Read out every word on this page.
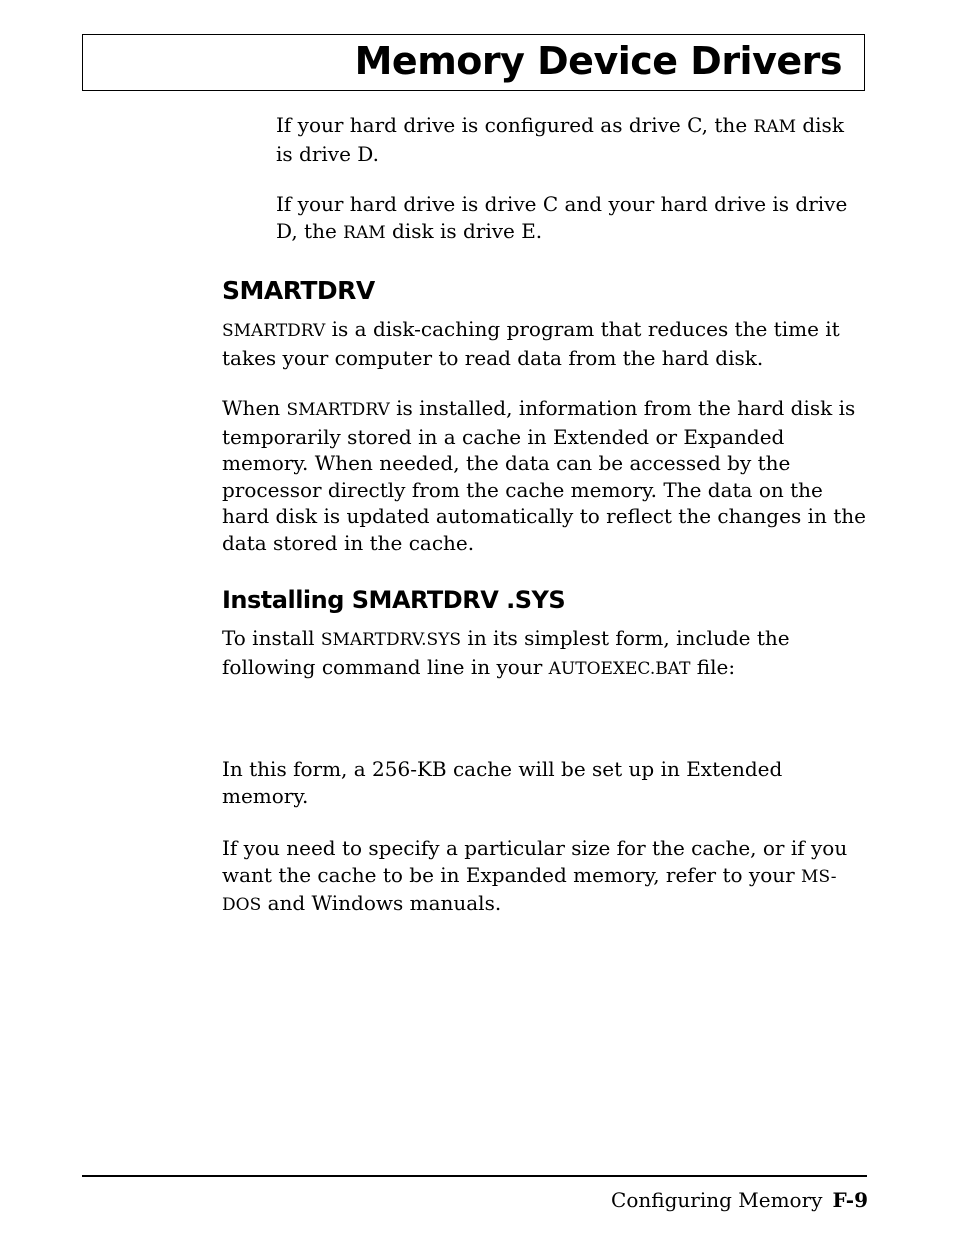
Memory Device Drivers

If your hard drive is configured as drive C, the RAM disk is drive D.

If your hard drive is drive C and your hard drive is drive D, the RAM disk is drive E.

SMARTDRV

SMARTDRV is a disk-caching program that reduces the time it takes your computer to read data from the hard disk.

When SMARTDRV is installed, information from the hard disk is temporarily stored in a cache in Extended or Expanded memory. When needed, the data can be accessed by the processor directly from the cache memory. The data on the hard disk is updated automatically to reflect the changes in the data stored in the cache.

Installing SMARTDRV .SYS

To install SMARTDRV.SYS in its simplest form, include the following command line in your AUTOEXEC.BAT file:

In this form, a 256-KB cache will be set up in Extended memory.

If you need to specify a particular size for the cache, or if you want the cache to be in Expanded memory, refer to your MS-DOS and Windows manuals.

Configuring Memory F-9
